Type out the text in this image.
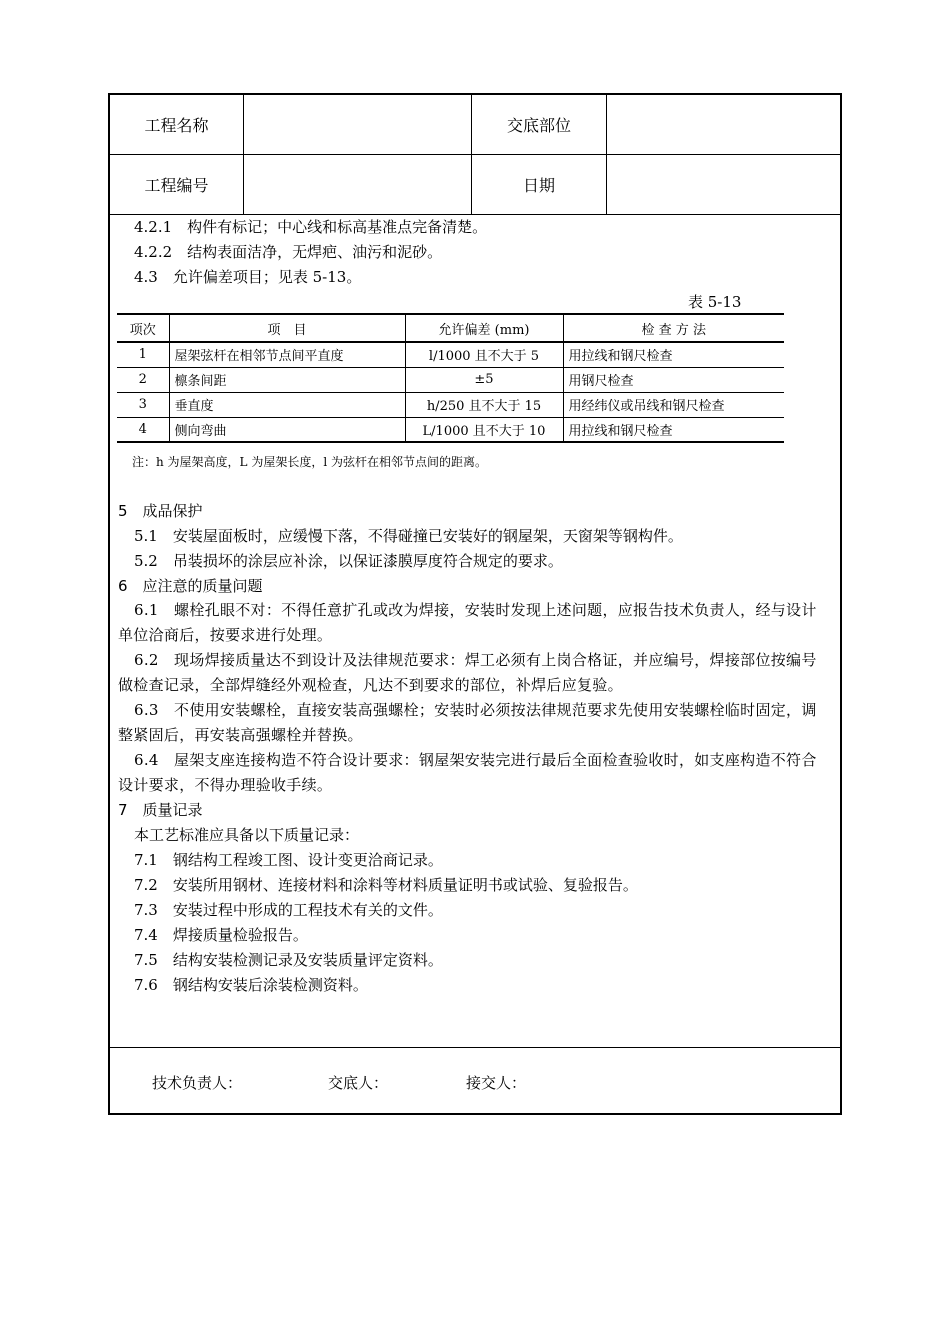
工程名称	交底部位
工程编号	日期
4.2.1　构件有标记；中心线和标高基准点完备清楚。
4.2.2　结构表面洁净，无焊疤、油污和泥砂。
4.3　允许偏差项目；见表 5-13。
表 5-13
项次	项　目	允许偏差 (mm)	检 查 方 法
1	屋架弦杆在相邻节点间平直度	l/1000 且不大于 5	用拉线和钢尺检查
2	檩条间距	±5	用钢尺检查
3	垂直度	h/250 且不大于 15	用经纬仪或吊线和钢尺检查
4	侧向弯曲	L/1000 且不大于 10	用拉线和钢尺检查
注：h 为屋架高度，L 为屋架长度，l 为弦杆在相邻节点间的距离。
5　成品保护
5.1　安装屋面板时，应缓慢下落，不得碰撞已安装好的钢屋架，天窗架等钢构件。
5.2　吊装损坏的涂层应补涂，以保证漆膜厚度符合规定的要求。
6　应注意的质量问题
6.1　螺栓孔眼不对：不得任意扩孔或改为焊接，安装时发现上述问题，应报告技术负责人，经与设计单位洽商后，按要求进行处理。
6.2　现场焊接质量达不到设计及法律规范要求：焊工必须有上岗合格证，并应编号，焊接部位按编号做检查记录，全部焊缝经外观检查，凡达不到要求的部位，补焊后应复验。
6.3　不使用安装螺栓，直接安装高强螺栓；安装时必须按法律规范要求先使用安装螺栓临时固定，调整紧固后，再安装高强螺栓并替换。
6.4　屋架支座连接构造不符合设计要求：钢屋架安装完进行最后全面检查验收时，如支座构造不符合设计要求，不得办理验收手续。
7　质量记录
本工艺标准应具备以下质量记录：
7.1　钢结构工程竣工图、设计变更洽商记录。
7.2　安装所用钢材、连接材料和涂料等材料质量证明书或试验、复验报告。
7.3　安装过程中形成的工程技术有关的文件。
7.4　焊接质量检验报告。
7.5　结构安装检测记录及安装质量评定资料。
7.6　钢结构安装后涂装检测资料。
技术负责人：	交底人：	接交人：
